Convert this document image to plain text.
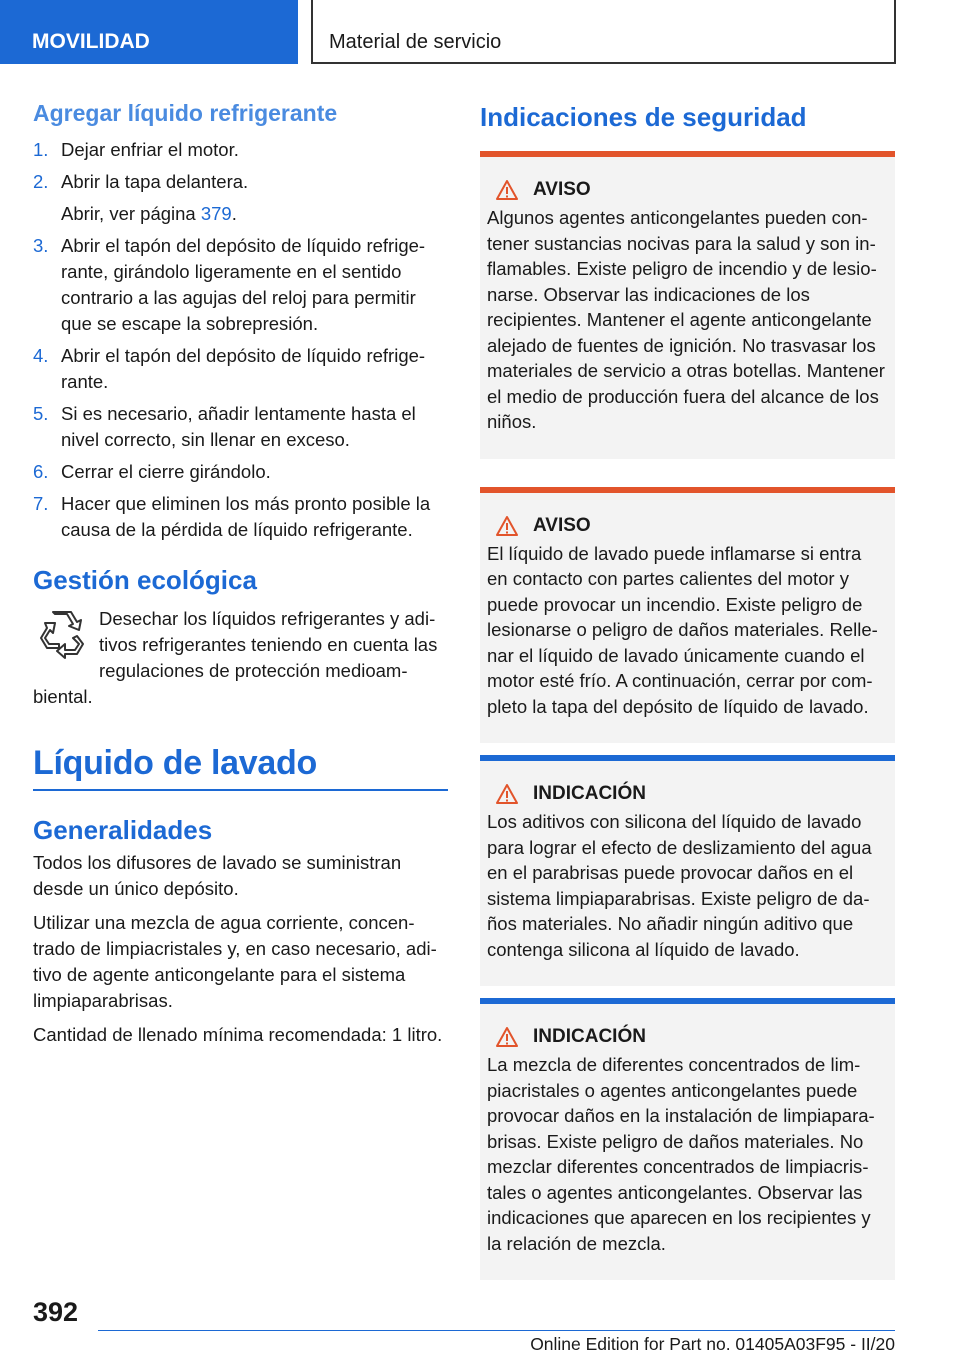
MOVILIDAD	Material de servicio
Agregar líquido refrigerante
1. Dejar enfriar el motor.
2. Abrir la tapa delantera.
Abrir, ver página 379.
3. Abrir el tapón del depósito de líquido refrigerante, girándolo ligeramente en el sentido contrario a las agujas del reloj para permitir que se escape la sobrepresión.
4. Abrir el tapón del depósito de líquido refrigerante.
5. Si es necesario, añadir lentamente hasta el nivel correcto, sin llenar en exceso.
6. Cerrar el cierre girándolo.
7. Hacer que eliminen los más pronto posible la causa de la pérdida de líquido refrigerante.
Gestión ecológica

Desechar los líquidos refrigerantes y aditivos refrigerantes teniendo en cuenta las regulaciones de protección medioambiental.

Líquido de lavado
Generalidades

Todos los difusores de lavado se suministran desde un único depósito.

Utilizar una mezcla de agua corriente, concentrado de limpiacristales y, en caso necesario, aditivo de agente anticongelante para el sistema limpiaparabrisas.

Cantidad de llenado mínima recomendada: 1 litro.

Indicaciones de seguridad
AVISO
Algunos agentes anticongelantes pueden contener sustancias nocivas para la salud y son inflamables. Existe peligro de incendio y de lesionarse. Observar las indicaciones de los recipientes. Mantener el agente anticongelante alejado de fuentes de ignición. No trasvasar los materiales de servicio a otras botellas. Mantener el medio de producción fuera del alcance de los niños.
AVISO
El líquido de lavado puede inflamarse si entra en contacto con partes calientes del motor y puede provocar un incendio. Existe peligro de lesionarse o peligro de daños materiales. Rellenar el líquido de lavado únicamente cuando el motor esté frío. A continuación, cerrar por completo la tapa del depósito de líquido de lavado.
INDICACIÓN
Los aditivos con silicona del líquido de lavado para lograr el efecto de deslizamiento del agua en el parabrisas puede provocar daños en el sistema limpiaparabrisas. Existe peligro de daños materiales. No añadir ningún aditivo que contenga silicona al líquido de lavado.
INDICACIÓN
La mezcla de diferentes concentrados de limpiacristales o agentes anticongelantes puede provocar daños en la instalación de limpiaparabrisas. Existe peligro de daños materiales. No mezclar diferentes concentrados de limpiacristales o agentes anticongelantes. Observar las indicaciones que aparecen en los recipientes y la relación de mezcla.
392
Online Edition for Part no. 01405A03F95 - II/20
